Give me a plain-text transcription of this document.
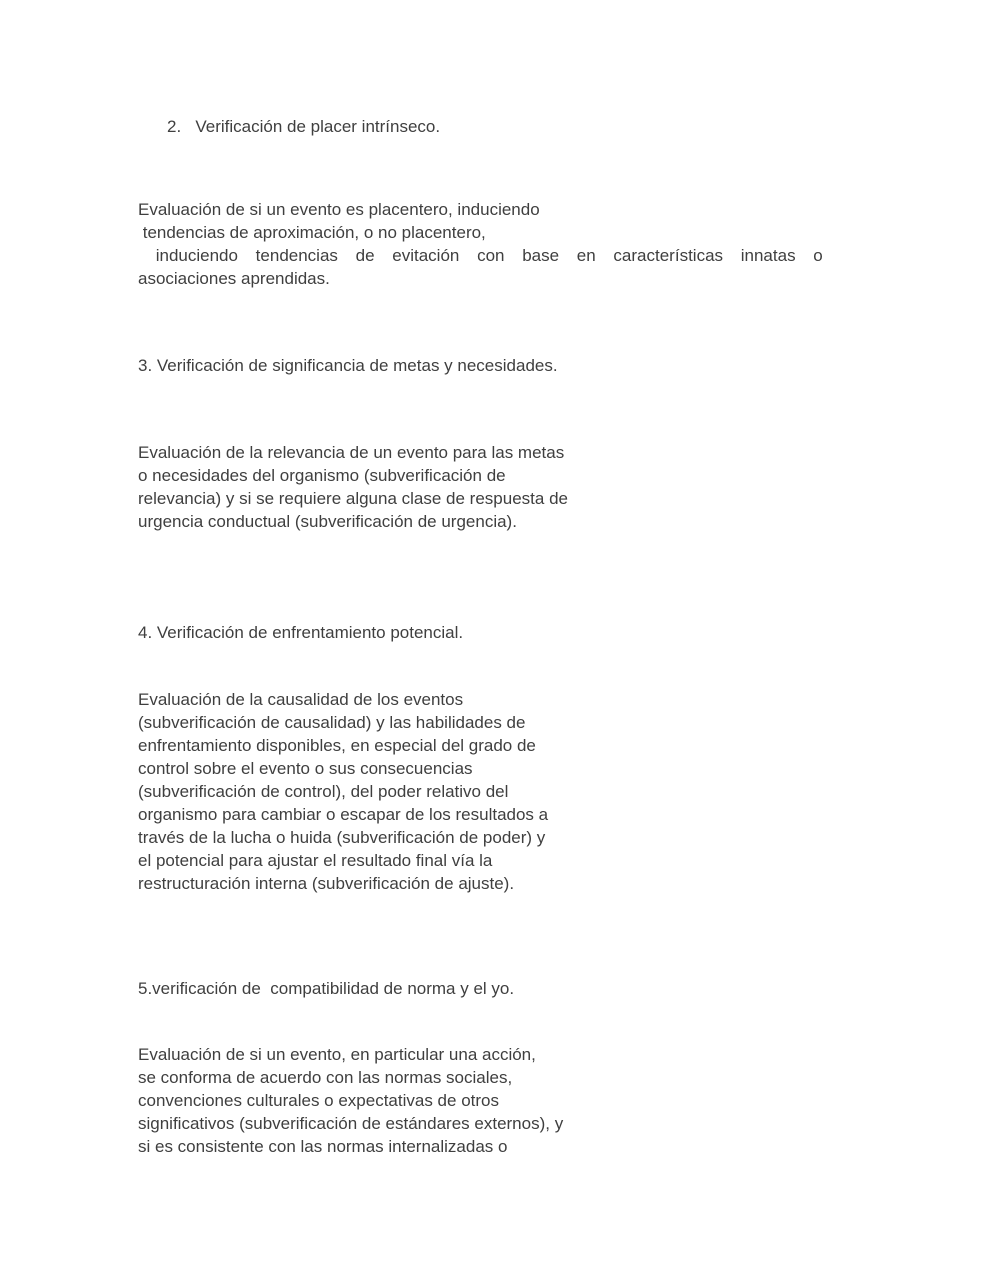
2.   Verificación de placer intrínseco.
Evaluación de si un evento es placentero, induciendo
tendencias de aproximación, o no placentero,
induciendo tendencias de evitación con base en características innatas o
asociaciones aprendidas.
3. Verificación de significancia de metas y necesidades.
Evaluación de la relevancia de un evento para las metas
o necesidades del organismo (subverificación de
relevancia) y si se requiere alguna clase de respuesta de
urgencia conductual (subverificación de urgencia).
4. Verificación de enfrentamiento potencial.
Evaluación de la causalidad de los eventos
(subverificación de causalidad) y las habilidades de
enfrentamiento disponibles, en especial del grado de
control sobre el evento o sus consecuencias
(subverificación de control), del poder relativo del
organismo para cambiar o escapar de los resultados a
través de la lucha o huida (subverificación de poder) y
el potencial para ajustar el resultado final vía la
restructuración interna (subverificación de ajuste).
5.verificación de  compatibilidad de norma y el yo.
Evaluación de si un evento, en particular una acción,
se conforma de acuerdo con las normas sociales,
convenciones culturales o expectativas de otros
significativos (subverificación de estándares externos), y
si es consistente con las normas internalizadas o
